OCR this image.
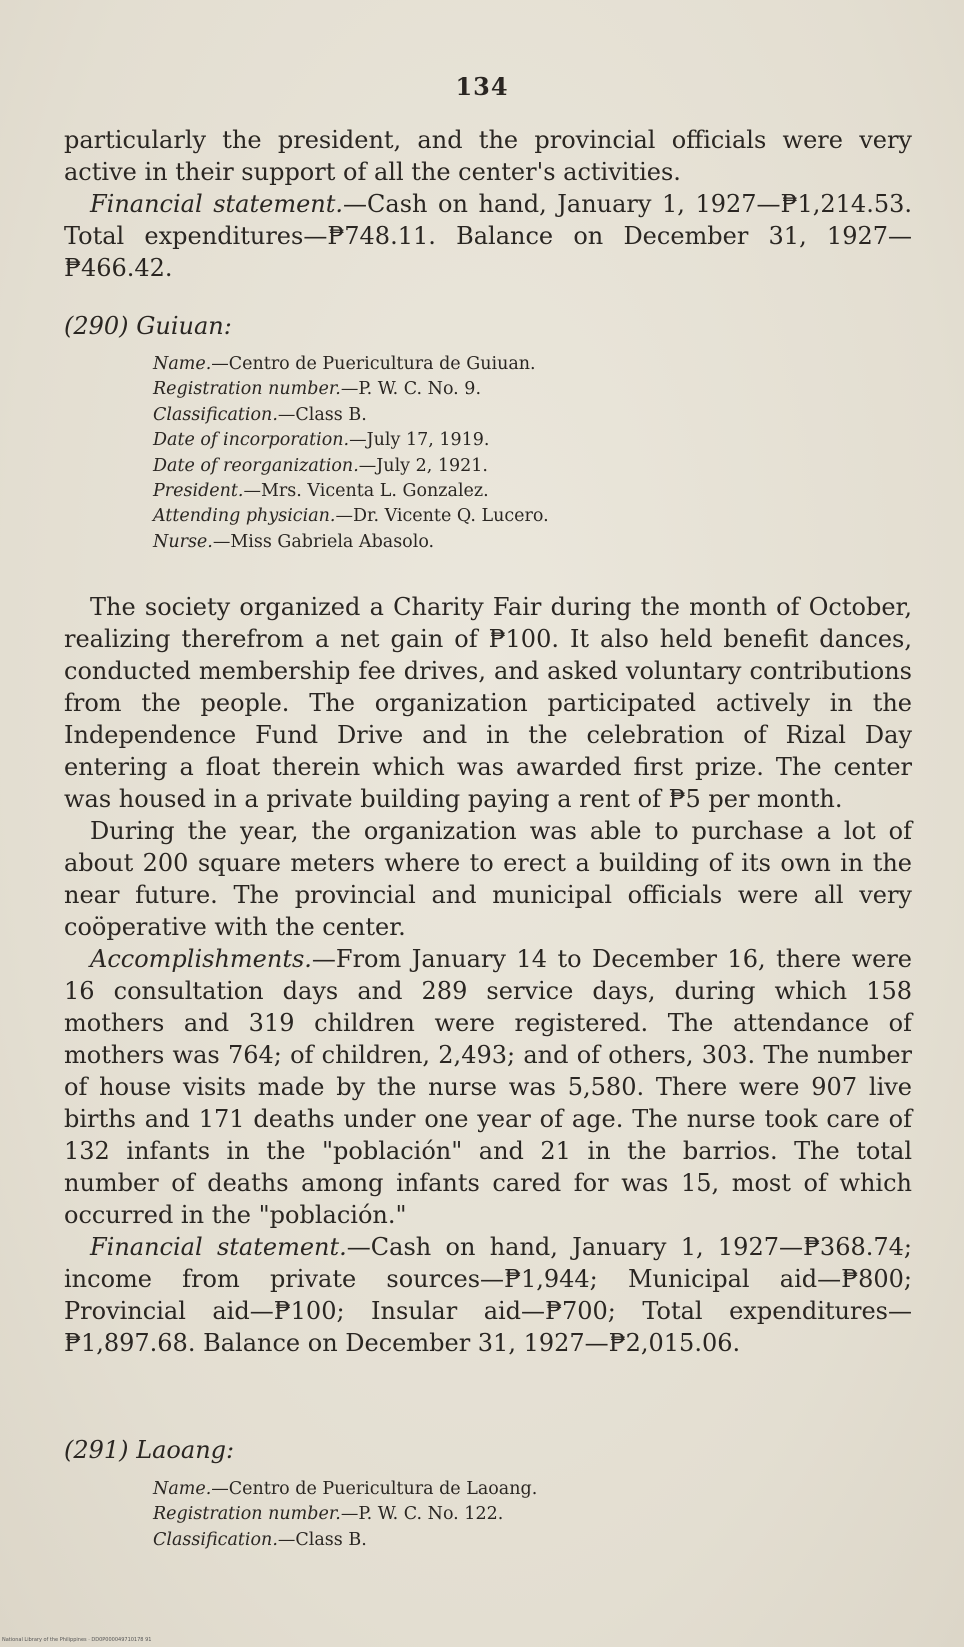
134

particularly the president, and the provincial officials were very active in their support of all the center's activities.

Financial statement.—Cash on hand, January 1, 1927—₱1,214.53. Total expenditures—₱748.11. Balance on December 31, 1927—₱466.42.

(290) Guiuan:
Name.—Centro de Puericultura de Guiuan.
Registration number.—P. W. C. No. 9.
Classification.—Class B.
Date of incorporation.—July 17, 1919.
Date of reorganization.—July 2, 1921.
President.—Mrs. Vicenta L. Gonzalez.
Attending physician.—Dr. Vicente Q. Lucero.
Nurse.—Miss Gabriela Abasolo.

The society organized a Charity Fair during the month of October, realizing therefrom a net gain of ₱100. It also held benefit dances, conducted membership fee drives, and asked voluntary contributions from the people. The organization participated actively in the Independence Fund Drive and in the celebration of Rizal Day entering a float therein which was awarded first prize. The center was housed in a private building paying a rent of ₱5 per month.

During the year, the organization was able to purchase a lot of about 200 square meters where to erect a building of its own in the near future. The provincial and municipal officials were all very coöperative with the center.

Accomplishments.—From January 14 to December 16, there were 16 consultation days and 289 service days, during which 158 mothers and 319 children were registered. The attendance of mothers was 764; of children, 2,493; and of others, 303. The number of house visits made by the nurse was 5,580. There were 907 live births and 171 deaths under one year of age. The nurse took care of 132 infants in the "población" and 21 in the barrios. The total number of deaths among infants cared for was 15, most of which occurred in the "población."

Financial statement.—Cash on hand, January 1, 1927—₱368.74; income from private sources—₱1,944; Municipal aid—₱800; Provincial aid—₱100; Insular aid—₱700; Total expenditures—₱1,897.68. Balance on December 31, 1927—₱2,015.06.

(291) Laoang:
Name.—Centro de Puericultura de Laoang.
Registration number.—P. W. C. No. 122.
Classification.—Class B.
National Library of the Philippines · DD0P000049710178 91
